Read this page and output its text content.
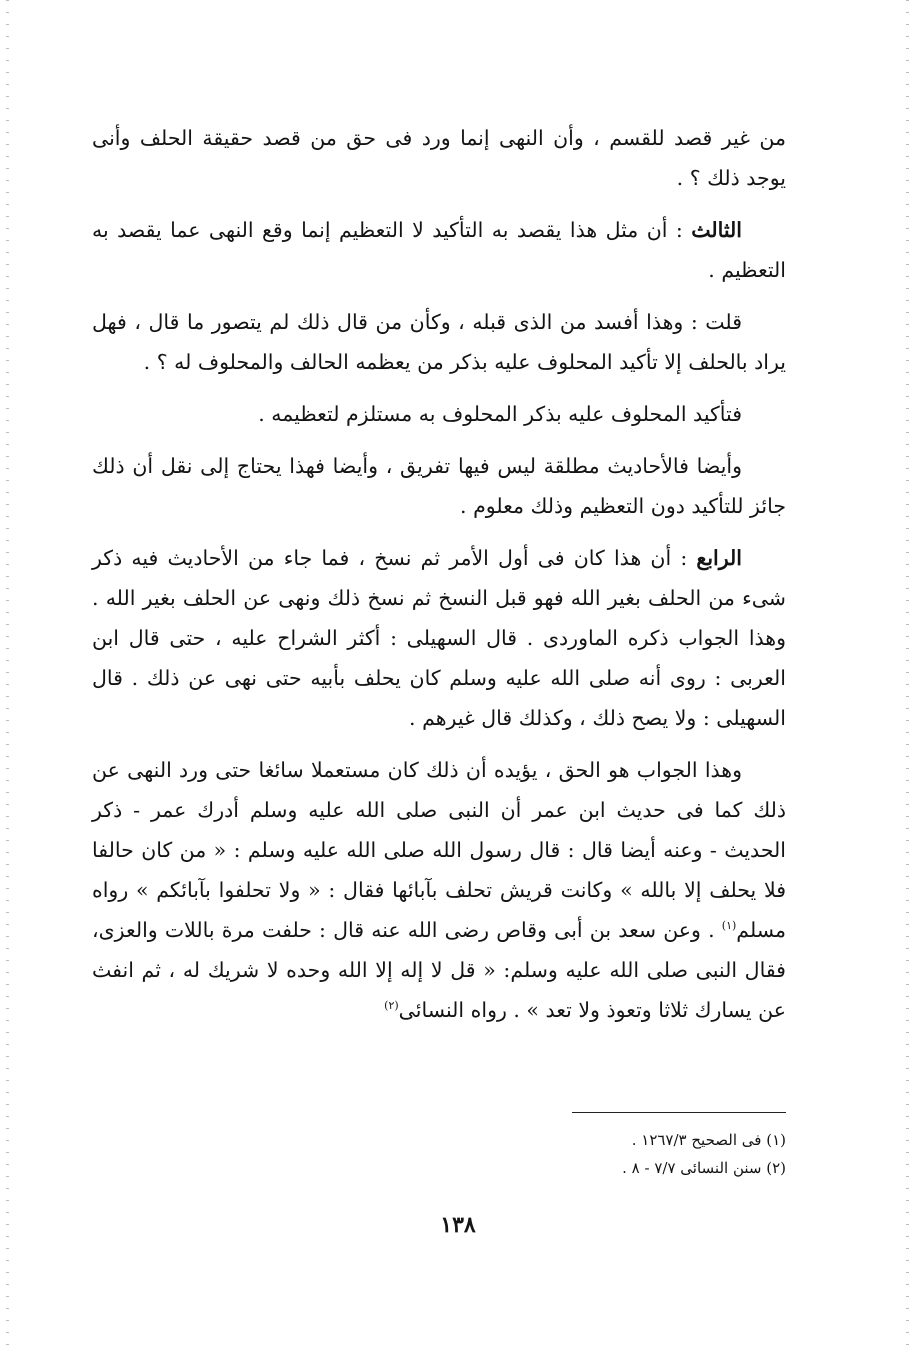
من غير قصد للقسم ، وأن النهى إنما ورد فى حق من قصد حقيقة الحلف وأنى يوجد ذلك ؟ .

الثالث : أن مثل هذا يقصد به التأكيد لا التعظيم إنما وقع النهى عما يقصد به التعظيم .

قلت : وهذا أفسد من الذى قبله ، وكأن من قال ذلك لم يتصور ما قال ، فهل يراد بالحلف إلا تأكيد المحلوف عليه بذكر من يعظمه الحالف والمحلوف له ؟ .

فتأكيد المحلوف عليه بذكر المحلوف به مستلزم لتعظيمه .

وأيضا فالأحاديث مطلقة ليس فيها تفريق ، وأيضا فهذا يحتاج إلى نقل أن ذلك جائز للتأكيد دون التعظيم وذلك معلوم .

الرابع : أن هذا كان فى أول الأمر ثم نسخ ، فما جاء من الأحاديث فيه ذكر شىء من الحلف بغير الله فهو قبل النسخ ثم نسخ ذلك ونهى عن الحلف بغير الله . وهذا الجواب ذكره الماوردى . قال السهيلى : أكثر الشراح عليه ، حتى قال ابن العربى : روى أنه صلى الله عليه وسلم كان يحلف بأبيه حتى نهى عن ذلك . قال السهيلى : ولا يصح ذلك ، وكذلك قال غيرهم .

وهذا الجواب هو الحق ، يؤيده أن ذلك كان مستعملا سائغا حتى ورد النهى عن ذلك كما فى حديث ابن عمر أن النبى صلى الله عليه وسلم أدرك عمر - ذكر الحديث - وعنه أيضا قال : قال رسول الله صلى الله عليه وسلم : « من كان حالفا فلا يحلف إلا بالله » وكانت قريش تحلف بآبائها فقال : « ولا تحلفوا بآبائكم » رواه مسلم$^{(١)}$ . وعن سعد بن أبى وقاص رضى الله عنه قال : حلفت مرة باللات والعزى، فقال النبى صلى الله عليه وسلم: « قل لا إله إلا الله وحده لا شريك له ، ثم انفث عن يسارك ثلاثا وتعوذ ولا تعد » . رواه النسائى$^{(٢)}$

(١) فى الصحيح ١٢٦٧/٣ .
(٢) سنن النسائى ٧/٧ - ٨ .
١٣٨
